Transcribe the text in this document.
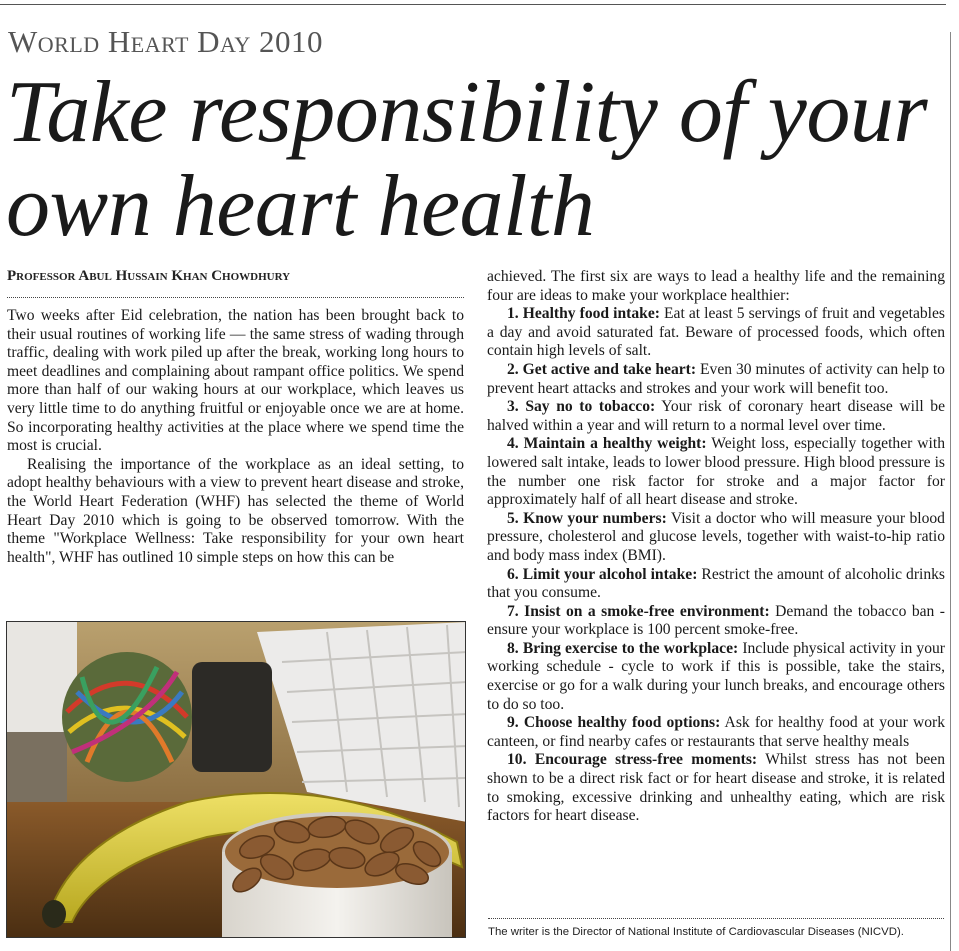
World Heart Day 2010
Take responsibility of your
own heart health
Professor Abul Hussain Khan Chowdhury

Two weeks after Eid celebration, the nation has been brought back to their usual routines of working life — the same stress of wading through traffic, dealing with work piled up after the break, working long hours to meet deadlines and complaining about rampant office politics. We spend more than half of our waking hours at our workplace, which leaves us very little time to do anything fruitful or enjoyable once we are at home. So incorporating healthy activities at the place where we spend time the most is crucial.

Realising the importance of the workplace as an ideal setting, to adopt healthy behaviours with a view to prevent heart disease and stroke, the World Heart Federation (WHF) has selected the theme of World Heart Day 2010 which is going to be observed tomorrow. With the theme "Workplace Wellness: Take responsibility for your own heart health", WHF has outlined 10 simple steps on how this can be

achieved. The first six are ways to lead a healthy life and the remaining four are ideas to make your workplace healthier:

1. Healthy food intake: Eat at least 5 servings of fruit and vegetables a day and avoid saturated fat. Beware of processed foods, which often contain high levels of salt.

2. Get active and take heart: Even 30 minutes of activity can help to prevent heart attacks and strokes and your work will benefit too.

3. Say no to tobacco: Your risk of coronary heart disease will be halved within a year and will return to a normal level over time.

4. Maintain a healthy weight: Weight loss, especially together with lowered salt intake, leads to lower blood pressure. High blood pressure is the number one risk factor for stroke and a major factor for approximately half of all heart disease and stroke.

5. Know your numbers: Visit a doctor who will measure your blood pressure, cholesterol and glucose levels, together with waist-to-hip ratio and body mass index (BMI).

6. Limit your alcohol intake: Restrict the amount of alcoholic drinks that you consume.

7. Insist on a smoke-free environment: Demand the tobacco ban - ensure your workplace is 100 percent smoke-free.

8. Bring exercise to the workplace: Include physical activity in your working schedule - cycle to work if this is possible, take the stairs, exercise or go for a walk during your lunch breaks, and encourage others to do so too.

9. Choose healthy food options: Ask for healthy food at your work canteen, or find nearby cafes or restaurants that serve healthy meals

10. Encourage stress-free moments: Whilst stress has not been shown to be a direct risk fact or for heart disease and stroke, it is related to smoking, excessive drinking and unhealthy eating, which are risk factors for heart disease.

The writer is the Director of National Institute of Cardiovascular Diseases (NICVD).
